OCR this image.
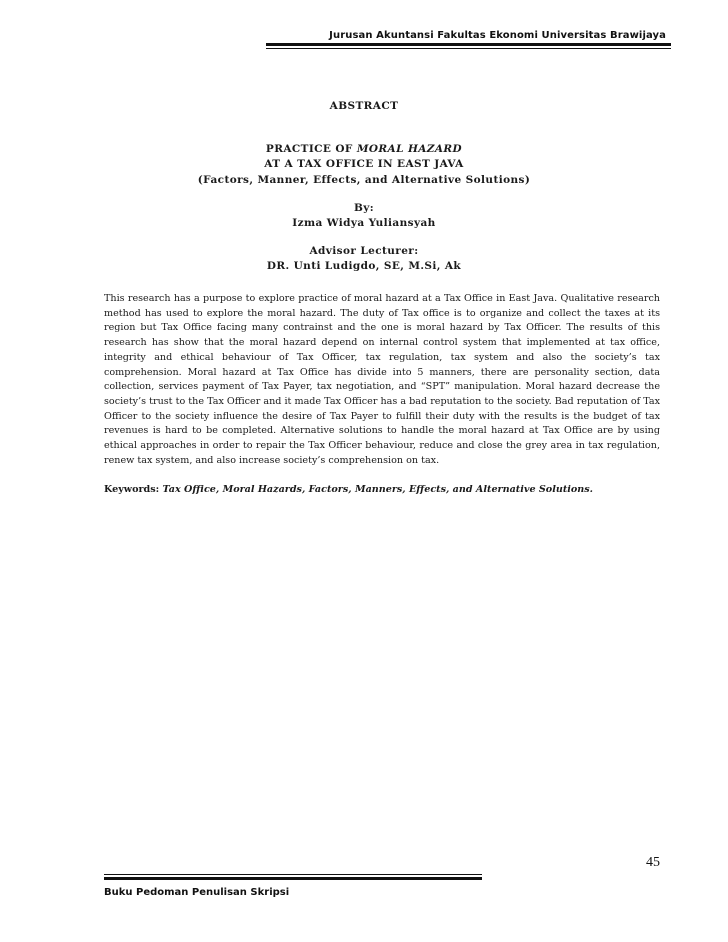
Jurusan Akuntansi Fakultas Ekonomi Universitas Brawijaya
ABSTRACT
PRACTICE OF MORAL HAZARD
AT A TAX OFFICE IN EAST JAVA
(Factors, Manner, Effects, and Alternative Solutions)
By:
Izma Widya Yuliansyah
Advisor Lecturer:
DR. Unti Ludigdo, SE, M.Si, Ak
This research has a purpose to explore practice of moral hazard at a Tax Office in East Java. Qualitative research method has used to explore the moral hazard. The duty of Tax office is to organize and collect the taxes at its region but Tax Office facing many contrainst and the one is moral hazard by Tax Officer. The results of this research has show that the moral hazard depend on internal control system that implemented at tax office, integrity and ethical behaviour of Tax Officer, tax regulation, tax system and also the society’s tax comprehension. Moral hazard at Tax Office has divide into 5 manners, there are personality section, data collection, services payment of Tax Payer, tax negotiation, and “SPT” manipulation. Moral hazard decrease the society’s trust to the Tax Officer and it made Tax Officer has a bad reputation to the society. Bad reputation of Tax Officer to the society influence the desire of Tax Payer to fulfill their duty with the results is the budget of tax revenues is hard to be completed. Alternative solutions to handle the moral hazard at Tax Office are by using ethical approaches in order to repair the Tax Officer behaviour, reduce and close the grey area in tax regulation, renew tax system, and also increase society’s comprehension on tax.
Keywords: Tax Office, Moral Hazards, Factors, Manners, Effects, and Alternative Solutions.
45
Buku Pedoman Penulisan Skripsi
